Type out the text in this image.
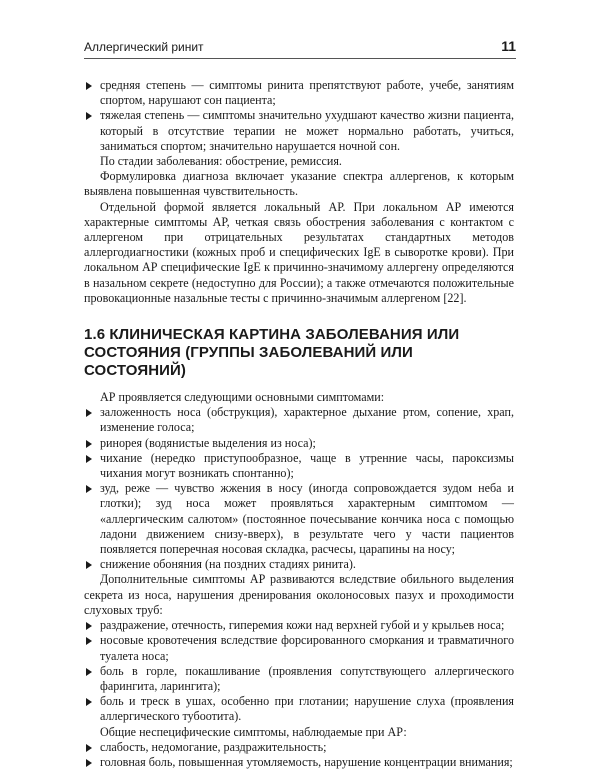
Аллергический ринит	11
средняя степень — симптомы ринита препятствуют работе, учебе, занятиям спортом, нарушают сон пациента;
тяжелая степень — симптомы значительно ухудшают качество жизни пациента, который в отсутствие терапии не может нормально работать, учиться, заниматься спортом; значительно нарушается ночной сон.

По стадии заболевания: обострение, ремиссия.

Формулировка диагноза включает указание спектра аллергенов, к которым выявлена повышенная чувствительность.

Отдельной формой является локальный АР. При локальном АР имеются характерные симптомы АР, четкая связь обострения заболевания с контактом с аллергеном при отрицательных результатах стандартных методов аллергодиагностики (кожных проб и специфических IgE в сыворотке крови). При локальном АР специфические IgE к причинно-значимому аллергену определяются в назальном секрете (недоступно для России); а также отмечаются положительные провокационные назальные тесты с причинно-значимым аллергеном [22].

1.6 КЛИНИЧЕСКАЯ КАРТИНА ЗАБОЛЕВАНИЯ ИЛИ СОСТОЯНИЯ (ГРУППЫ ЗАБОЛЕВАНИЙ ИЛИ СОСТОЯНИЙ)

АР проявляется следующими основными симптомами:

заложенность носа (обструкция), характерное дыхание ртом, сопение, храп, изменение голоса;
ринорея (водянистые выделения из носа);
чихание (нередко приступообразное, чаще в утренние часы, пароксизмы чихания могут возникать спонтанно);
зуд, реже — чувство жжения в носу (иногда сопровождается зудом неба и глотки); зуд носа может проявляться характерным симптомом — «аллергическим салютом» (постоянное почесывание кончика носа с помощью ладони движением снизу-вверх), в результате чего у части пациентов появляется поперечная носовая складка, расчесы, царапины на носу;
снижение обоняния (на поздних стадиях ринита).

Дополнительные симптомы АР развиваются вследствие обильного выделения секрета из носа, нарушения дренирования околоносовых пазух и проходимости слуховых труб:

раздражение, отечность, гиперемия кожи над верхней губой и у крыльев носа;
носовые кровотечения вследствие форсированного сморкания и травматичного туалета носа;
боль в горле, покашливание (проявления сопутствующего аллергического фарингита, ларингита);
боль и треск в ушах, особенно при глотании; нарушение слуха (проявления аллергического тубоотита).

Общие неспецифические симптомы, наблюдаемые при АР:

слабость, недомогание, раздражительность;
головная боль, повышенная утомляемость, нарушение концентрации внимания;
